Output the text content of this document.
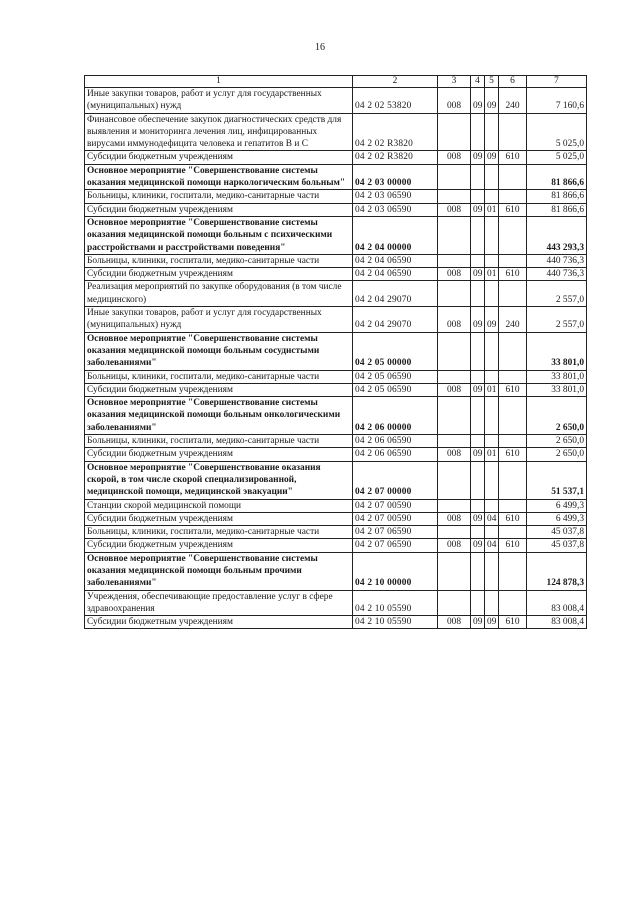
16
1	2	3	4	5	6	7
Иные закупки товаров, работ и услуг для государственных (муниципальных) нужд	04 2 02 53820	008	09	09	240	7 160,6
Финансовое обеспечение закупок диагностических средств для выявления и мониторинга лечения лиц, инфицированных вирусами иммунодефицита человека и гепатитов В и С	04 2 02 R3820					5 025,0
Субсидии бюджетным учреждениям	04 2 02 R3820	008	09	09	610	5 025,0
Основное мероприятие "Совершенствование системы оказания медицинской помощи наркологическим больным"	04 2 03 00000					81 866,6
Больницы, клиники, госпитали, медико-санитарные части	04 2 03 06590					81 866,6
Субсидии бюджетным учреждениям	04 2 03 06590	008	09	01	610	81 866,6
Основное мероприятие "Совершенствование системы оказания медицинской помощи больным с психическими расстройствами и расстройствами поведения"	04 2 04 00000					443 293,3
Больницы, клиники, госпитали, медико-санитарные части	04 2 04 06590					440 736,3
Субсидии бюджетным учреждениям	04 2 04 06590	008	09	01	610	440 736,3
Реализация мероприятий по закупке оборудования (в том числе медицинского)	04 2 04 29070					2 557,0
Иные закупки товаров, работ и услуг для государственных (муниципальных) нужд	04 2 04 29070	008	09	09	240	2 557,0
Основное мероприятие "Совершенствование системы оказания медицинской помощи больным сосудистыми заболеваниями"	04 2 05 00000					33 801,0
Больницы, клиники, госпитали, медико-санитарные части	04 2 05 06590					33 801,0
Субсидии бюджетным учреждениям	04 2 05 06590	008	09	01	610	33 801,0
Основное мероприятие "Совершенствование системы оказания медицинской помощи больным онкологическими заболеваниями"	04 2 06 00000					2 650,0
Больницы, клиники, госпитали, медико-санитарные части	04 2 06 06590					2 650,0
Субсидии бюджетным учреждениям	04 2 06 06590	008	09	01	610	2 650,0
Основное мероприятие "Совершенствование оказания скорой, в том числе скорой специализированной, медицинской помощи, медицинской эвакуации"	04 2 07 00000					51 537,1
Станции скорой медицинской помощи	04 2 07 00590					6 499,3
Субсидии бюджетным учреждениям	04 2 07 00590	008	09	04	610	6 499,3
Больницы, клиники, госпитали, медико-санитарные части	04 2 07 06590					45 037,8
Субсидии бюджетным учреждениям	04 2 07 06590	008	09	04	610	45 037,8
Основное мероприятие "Совершенствование системы оказания медицинской помощи больным прочими заболеваниями"	04 2 10 00000					124 878,3
Учреждения, обеспечивающие предоставление услуг в сфере здравоохранения	04 2 10 05590					83 008,4
Субсидии бюджетным учреждениям	04 2 10 05590	008	09	09	610	83 008,4
